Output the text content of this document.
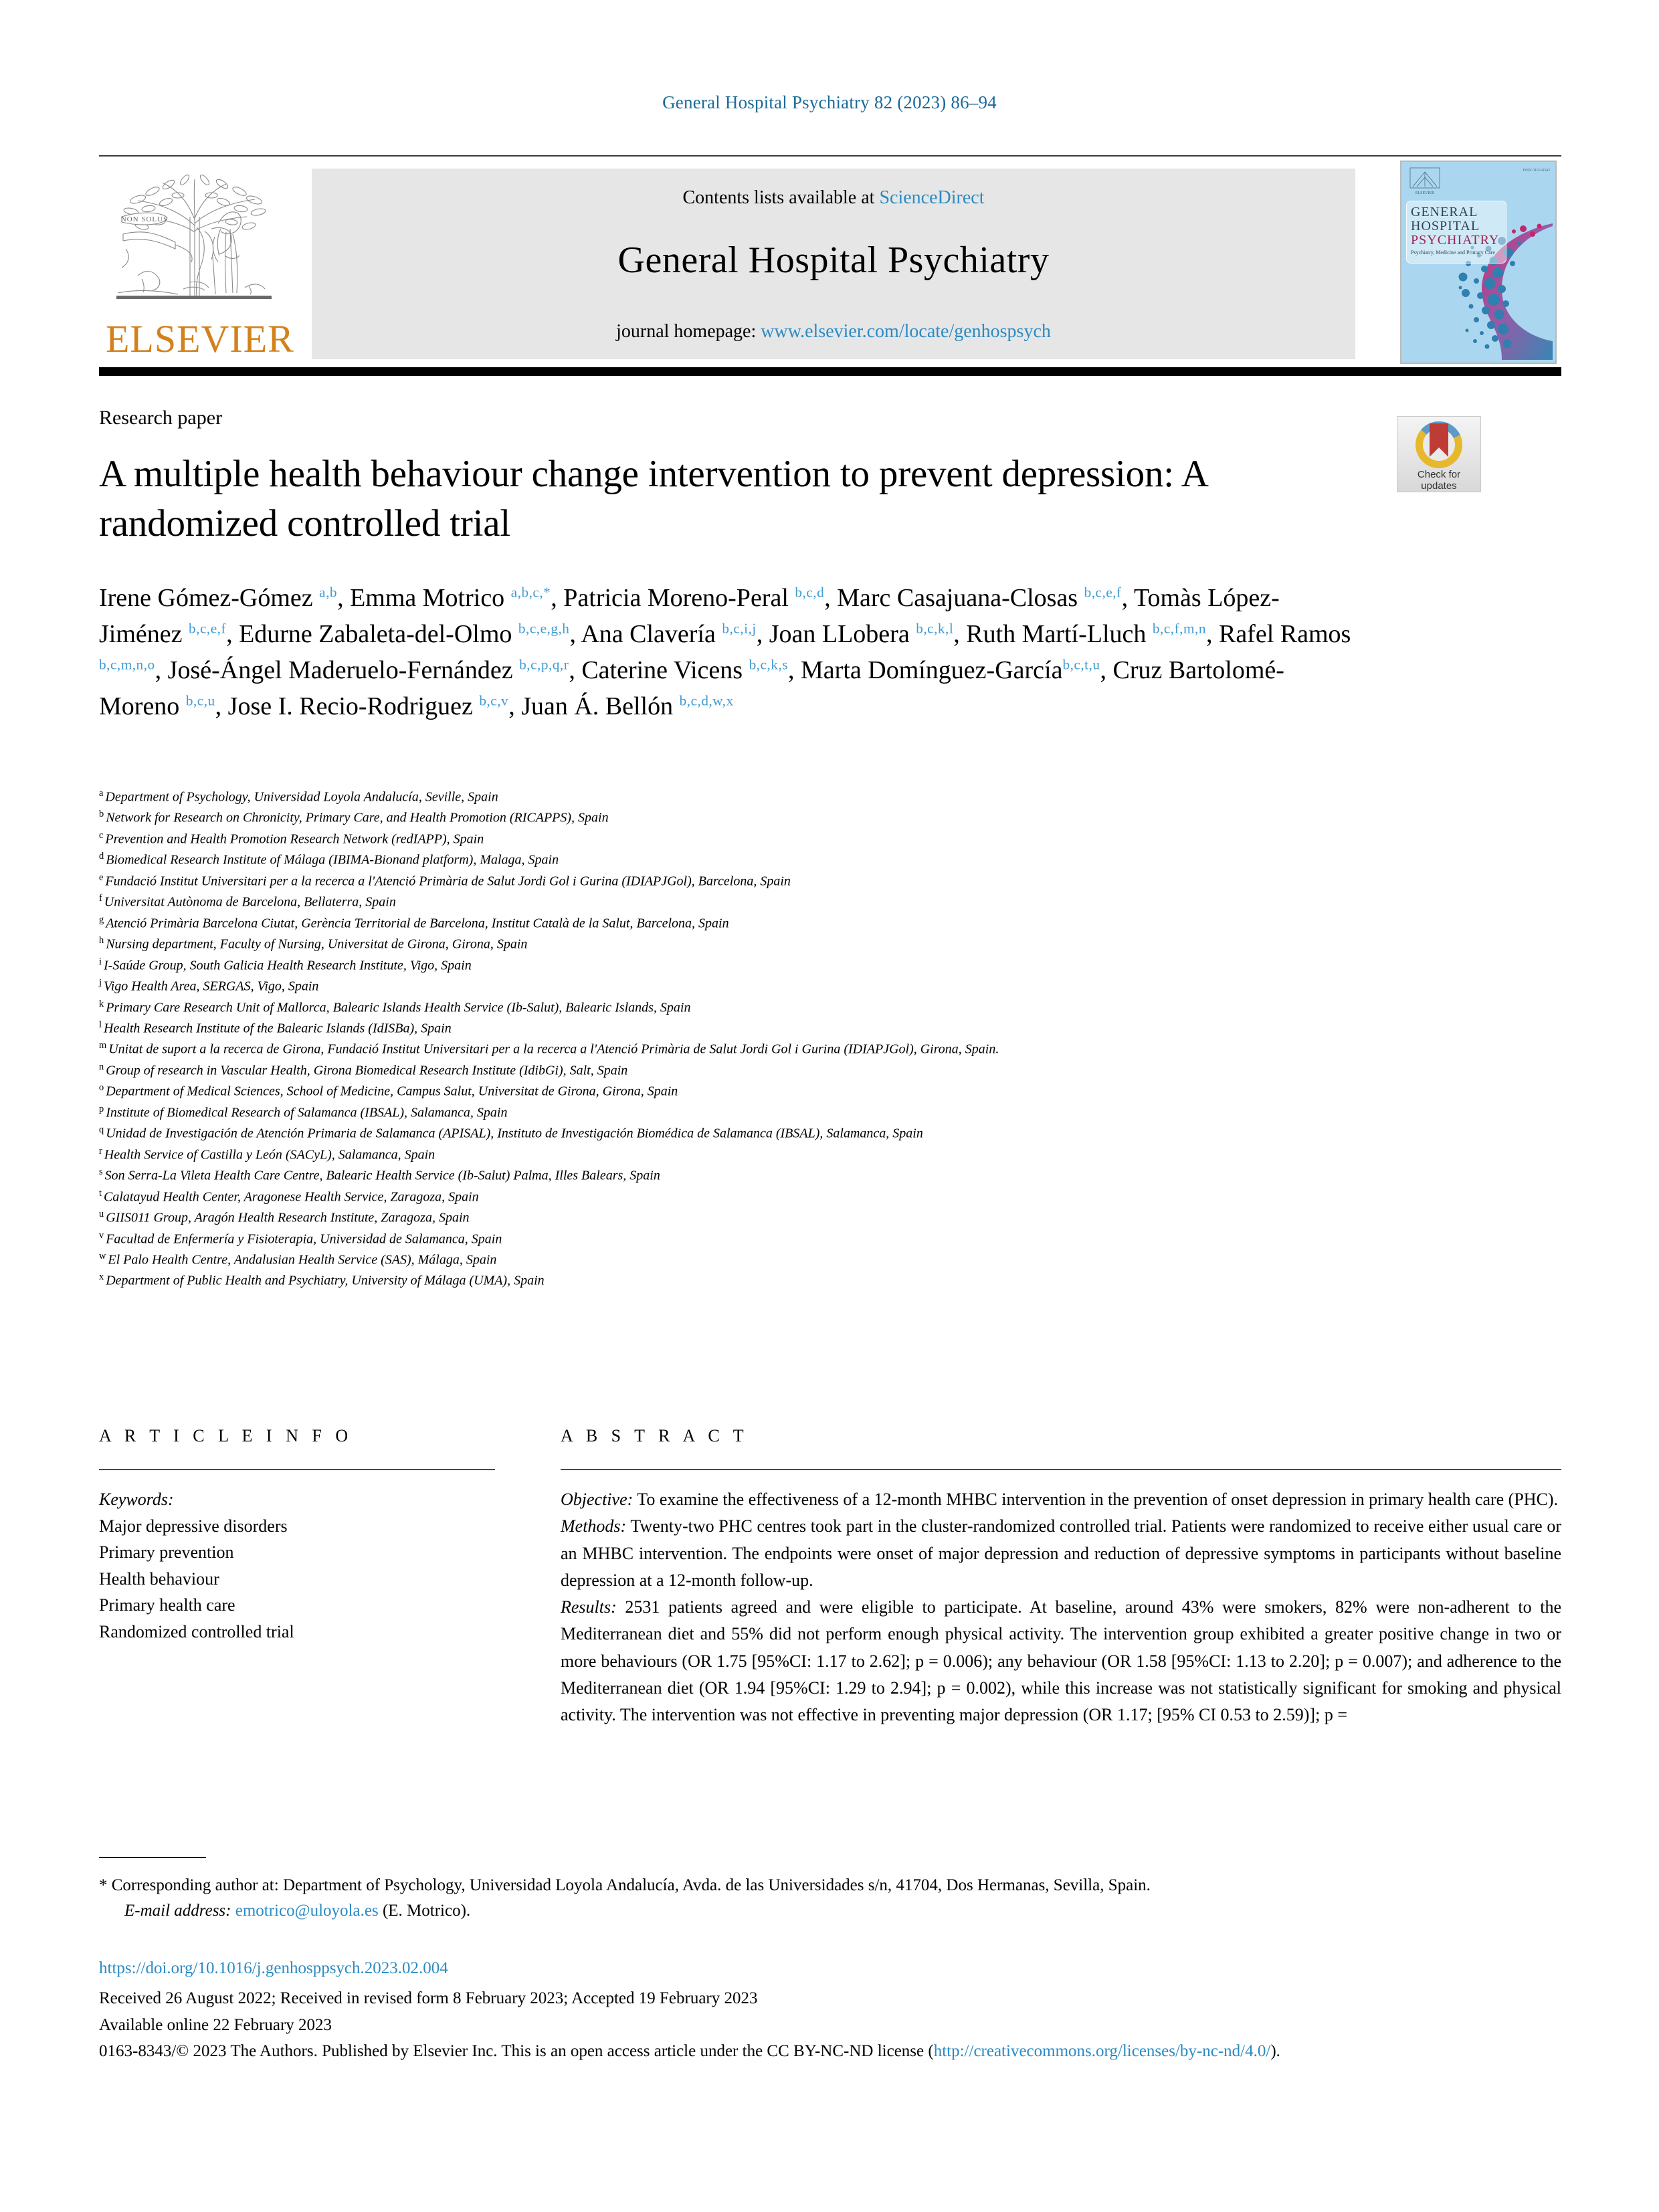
General Hospital Psychiatry 82 (2023) 86–94
NON SOLUS
ELSEVIER
Contents lists available at ScienceDirect
General Hospital Psychiatry
journal homepage: www.elsevier.com/locate/genhospsych
ELSEVIER
ISSN 0163-8343
GENERAL
HOSPITAL
PSYCHIATRY
Psychiatry, Medicine and Primary Care
Research paper
A multiple health behaviour change intervention to prevent depression: A randomized controlled trial
Check for
updates
Irene Gómez-Gómez $^{a,b}$, Emma Motrico $^{a,b,c,*}$, Patricia Moreno-Peral $^{b,c,d}$, Marc Casajuana-Closas $^{b,c,e,f}$, Tomàs López-Jiménez $^{b,c,e,f}$, Edurne Zabaleta-del-Olmo $^{b,c,e,g,h}$, Ana Clavería $^{b,c,i,j}$, Joan LLobera $^{b,c,k,l}$, Ruth Martí-Lluch $^{b,c,f,m,n}$, Rafel Ramos $^{b,c,m,n,o}$, José-Ángel Maderuelo-Fernández $^{b,c,p,q,r}$, Caterine Vicens $^{b,c,k,s}$, Marta Domínguez-García$^{b,c,t,u}$, Cruz Bartolomé-Moreno $^{b,c,u}$, Jose I. Recio-Rodriguez $^{b,c,v}$, Juan Á. Bellón $^{b,c,d,w,x}$
$^a$ Department of Psychology, Universidad Loyola Andalucía, Seville, Spain
$^b$ Network for Research on Chronicity, Primary Care, and Health Promotion (RICAPPS), Spain
$^c$ Prevention and Health Promotion Research Network (redIAPP), Spain
$^d$ Biomedical Research Institute of Málaga (IBIMA-Bionand platform), Malaga, Spain
$^e$ Fundació Institut Universitari per a la recerca a l'Atenció Primària de Salut Jordi Gol i Gurina (IDIAPJGol), Barcelona, Spain
$^f$ Universitat Autònoma de Barcelona, Bellaterra, Spain
$^g$ Atenció Primària Barcelona Ciutat, Gerència Territorial de Barcelona, Institut Català de la Salut, Barcelona, Spain
$^h$ Nursing department, Faculty of Nursing, Universitat de Girona, Girona, Spain
$^i$ I-Saúde Group, South Galicia Health Research Institute, Vigo, Spain
$^j$ Vigo Health Area, SERGAS, Vigo, Spain
$^k$ Primary Care Research Unit of Mallorca, Balearic Islands Health Service (Ib-Salut), Balearic Islands, Spain
$^l$ Health Research Institute of the Balearic Islands (IdISBa), Spain
$^m$ Unitat de suport a la recerca de Girona, Fundació Institut Universitari per a la recerca a l'Atenció Primària de Salut Jordi Gol i Gurina (IDIAPJGol), Girona, Spain.
$^n$ Group of research in Vascular Health, Girona Biomedical Research Institute (IdibGi), Salt, Spain
$^o$ Department of Medical Sciences, School of Medicine, Campus Salut, Universitat de Girona, Girona, Spain
$^p$ Institute of Biomedical Research of Salamanca (IBSAL), Salamanca, Spain
$^q$ Unidad de Investigación de Atención Primaria de Salamanca (APISAL), Instituto de Investigación Biomédica de Salamanca (IBSAL), Salamanca, Spain
$^r$ Health Service of Castilla y León (SACyL), Salamanca, Spain
$^s$ Son Serra-La Vileta Health Care Centre, Balearic Health Service (Ib-Salut) Palma, Illes Balears, Spain
$^t$ Calatayud Health Center, Aragonese Health Service, Zaragoza, Spain
$^u$ GIIS011 Group, Aragón Health Research Institute, Zaragoza, Spain
$^v$ Facultad de Enfermería y Fisioterapia, Universidad de Salamanca, Spain
$^w$ El Palo Health Centre, Andalusian Health Service (SAS), Málaga, Spain
$^x$ Department of Public Health and Psychiatry, University of Málaga (UMA), Spain
A R T I C L E I N F O	A B S T R A C T
Keywords:
Major depressive disorders
Primary prevention
Health behaviour
Primary health care
Randomized controlled trial

Objective: To examine the effectiveness of a 12-month MHBC intervention in the prevention of onset depression in primary health care (PHC).

Methods: Twenty-two PHC centres took part in the cluster-randomized controlled trial. Patients were randomized to receive either usual care or an MHBC intervention. The endpoints were onset of major depression and reduction of depressive symptoms in participants without baseline depression at a 12-month follow-up.

Results: 2531 patients agreed and were eligible to participate. At baseline, around 43% were smokers, 82% were non-adherent to the Mediterranean diet and 55% did not perform enough physical activity. The intervention group exhibited a greater positive change in two or more behaviours (OR 1.75 [95%CI: 1.17 to 2.62]; p = 0.006); any behaviour (OR 1.58 [95%CI: 1.13 to 2.20]; p = 0.007); and adherence to the Mediterranean diet (OR 1.94 [95%CI: 1.29 to 2.94]; p = 0.002), while this increase was not statistically significant for smoking and physical activity. The intervention was not effective in preventing major depression (OR 1.17; [95% CI 0.53 to 2.59)]; p =

* Corresponding author at: Department of Psychology, Universidad Loyola Andalucía, Avda. de las Universidades s/n, 41704, Dos Hermanas, Sevilla, Spain.
E-mail address: emotrico@uloyola.es (E. Motrico).
https://doi.org/10.1016/j.genhosppsych.2023.02.004
Received 26 August 2022; Received in revised form 8 February 2023; Accepted 19 February 2023
Available online 22 February 2023
0163-8343/© 2023 The Authors. Published by Elsevier Inc. This is an open access article under the CC BY-NC-ND license (http://creativecommons.org/licenses/by-nc-nd/4.0/).
